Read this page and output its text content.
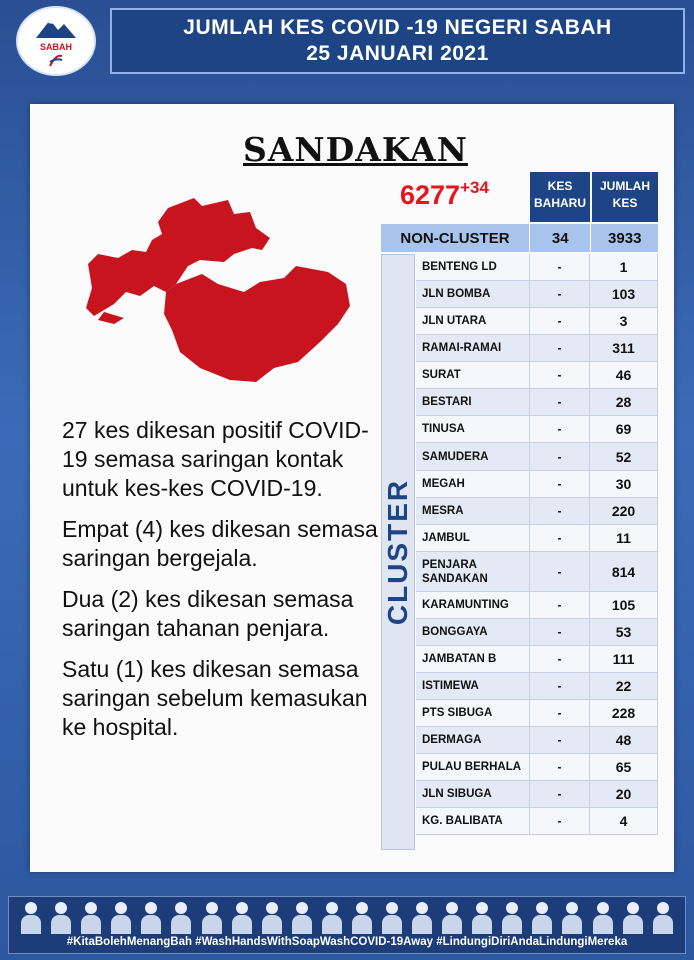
SABAH
JUMLAH KES COVID -19 NEGERI SABAH
25 JANUARI 2021
SANDAKAN
$6277^{+34}$

27 kes dikesan positif COVID-19 semasa saringan kontak untuk kes-kes COVID-19.

Empat (4) kes dikesan semasa saringan bergejala.

Dua (2) kes dikesan semasa saringan tahanan penjara.

Satu (1) kes dikesan semasa saringan sebelum kemasukan ke hospital.

KES BAHARU
JUMLAH KES
NON-CLUSTER	34	3933
CLUSTER
BENTENG LD	-	1
JLN BOMBA	-	103
JLN UTARA	-	3
RAMAI-RAMAI	-	311
SURAT	-	46
BESTARI	-	28
TINUSA	-	69
SAMUDERA	-	52
MEGAH	-	30
MESRA	-	220
JAMBUL	-	11
PENJARA SANDAKAN	-	814
KARAMUNTING	-	105
BONGGAYA	-	53
JAMBATAN B	-	111
ISTIMEWA	-	22
PTS SIBUGA	-	228
DERMAGA	-	48
PULAU BERHALA	-	65
JLN SIBUGA	-	20
KG. BALIBATA	-	4
#KitaBolehMenangBah #WashHandsWithSoapWashCOVID-19Away #LindungiDiriAndaLindungiMereka
